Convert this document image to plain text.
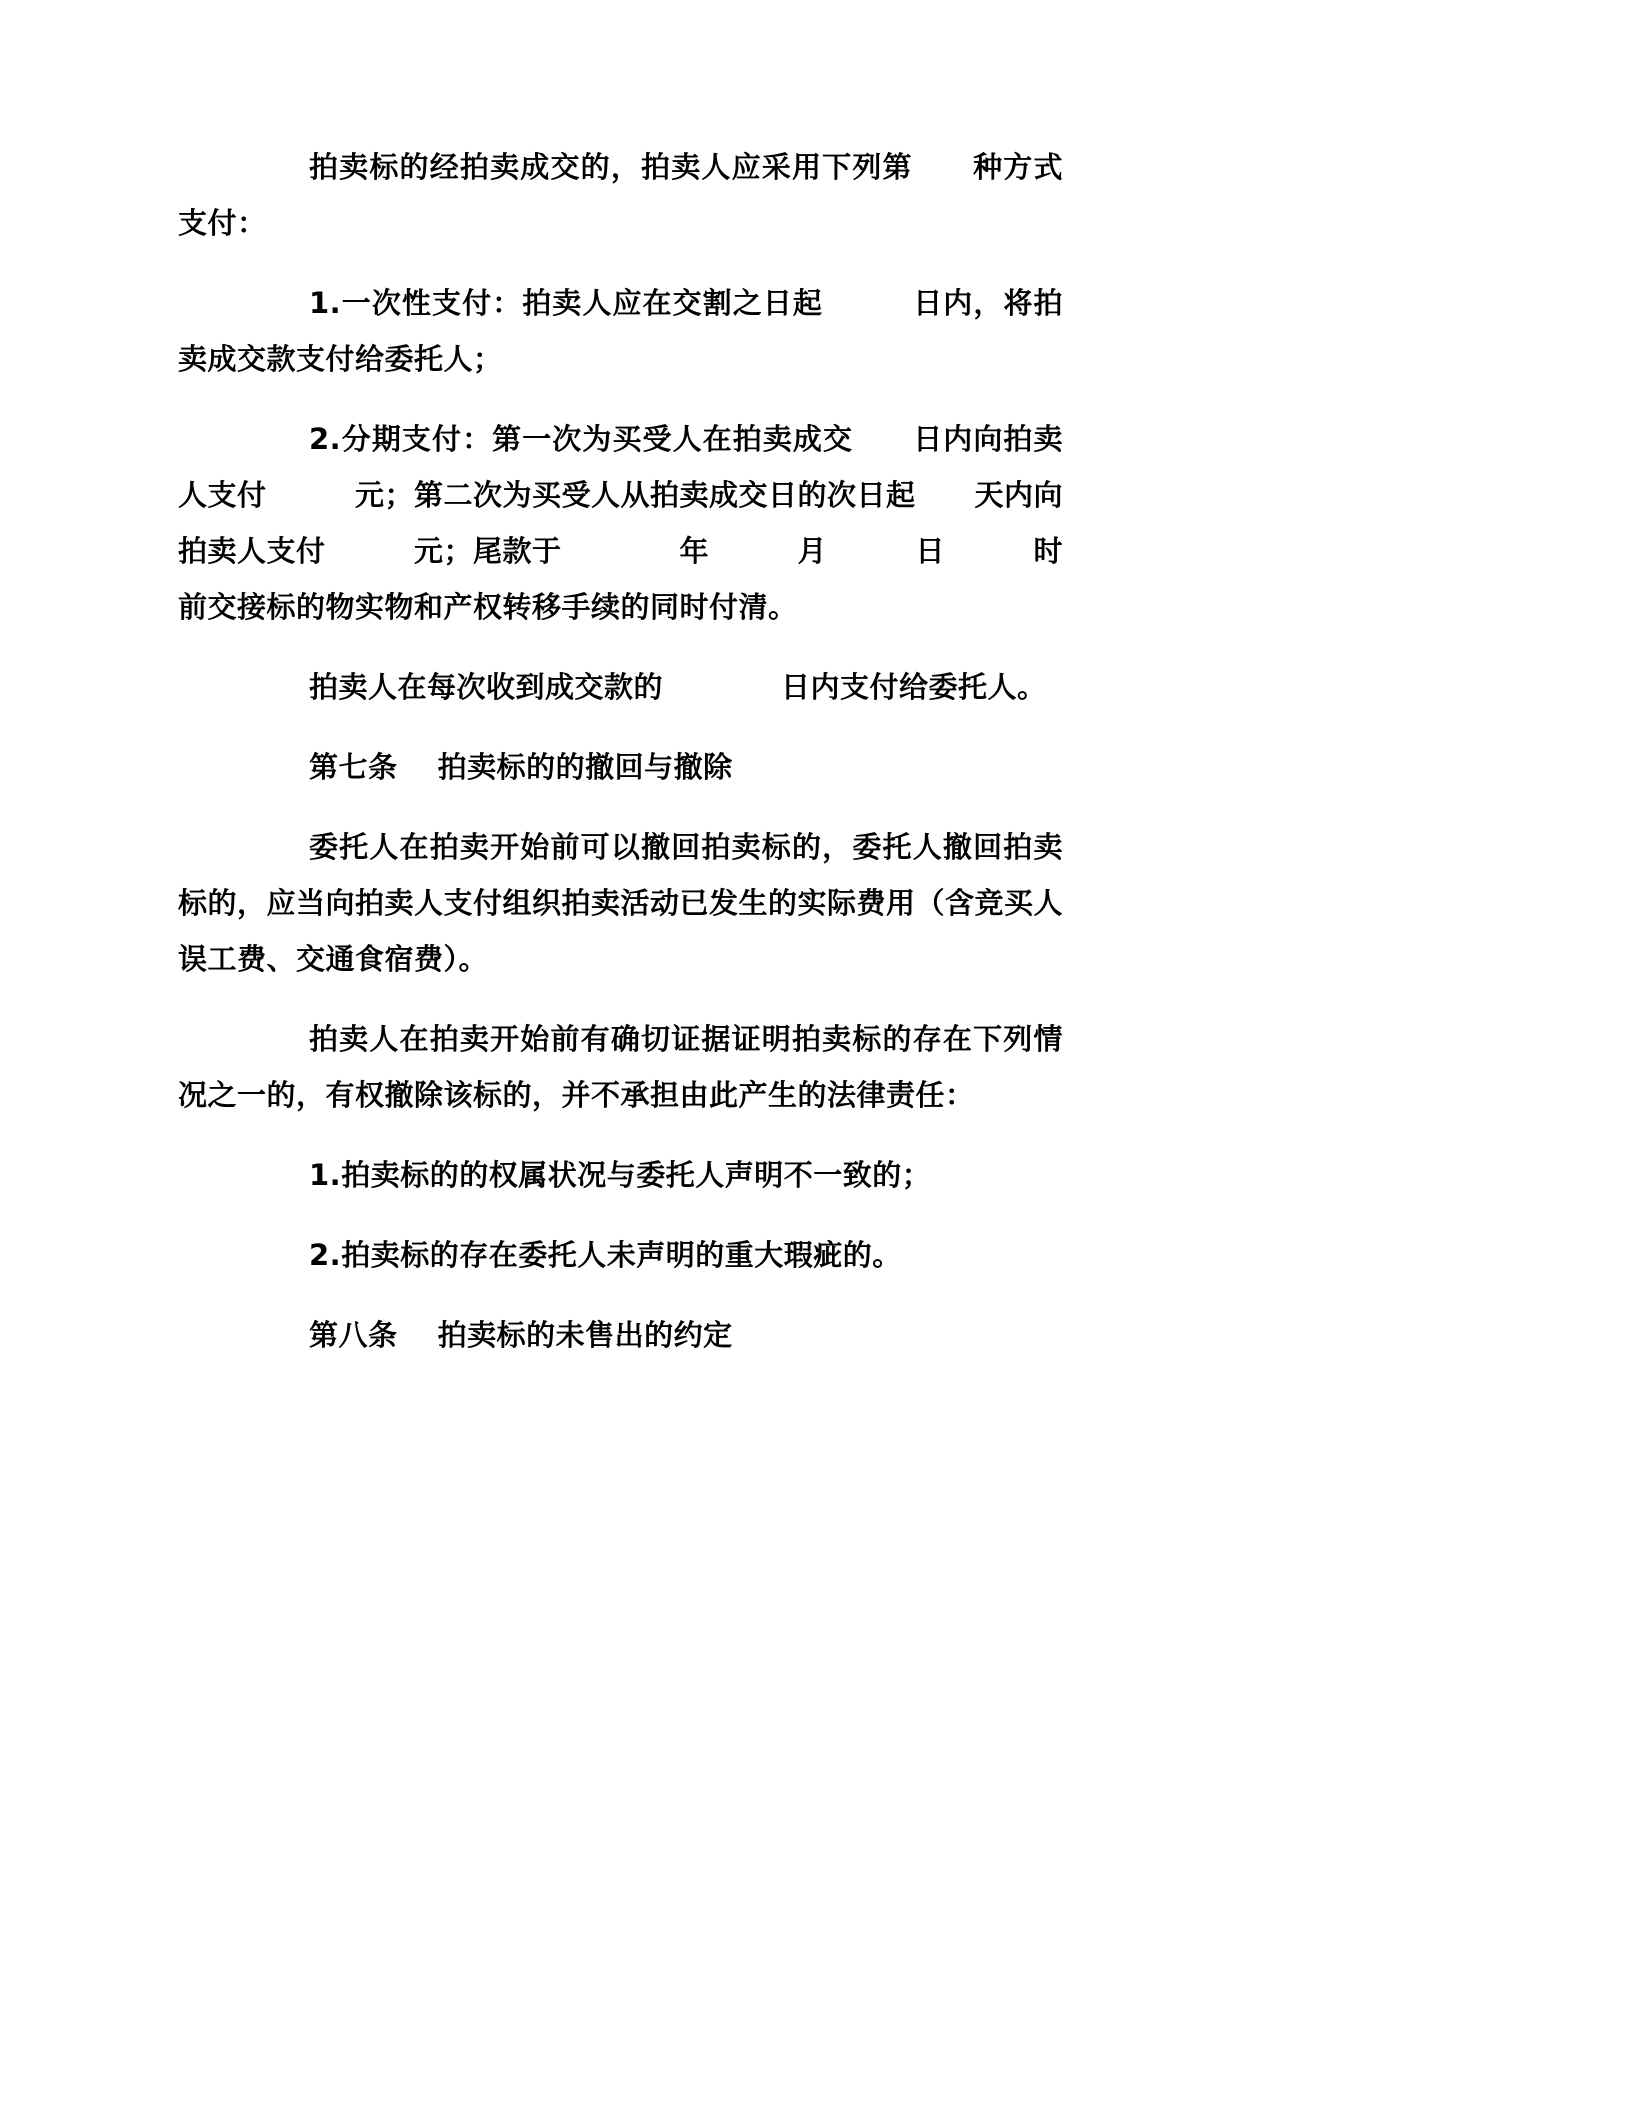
拍卖标的经拍卖成交的，拍卖人应采用下列第　　种方式支付：

1.一次性支付：拍卖人应在交割之日起　　　日内，将拍卖成交款支付给委托人；

2.分期支付：第一次为买受人在拍卖成交　　日内向拍卖人支付　　　元；第二次为买受人从拍卖成交日的次日起　　天内向拍卖人支付　　　元；尾款于　　　　年　　　月　　　日　　　时前交接标的物实物和产权转移手续的同时付清。

拍卖人在每次收到成交款的　　　　日内支付给委托人。

第七条　 拍卖标的的撤回与撤除

委托人在拍卖开始前可以撤回拍卖标的，委托人撤回拍卖标的，应当向拍卖人支付组织拍卖活动已发生的实际费用（含竞买人误工费、交通食宿费）。

拍卖人在拍卖开始前有确切证据证明拍卖标的存在下列情况之一的，有权撤除该标的，并不承担由此产生的法律责任：

1.拍卖标的的权属状况与委托人声明不一致的；

2.拍卖标的存在委托人未声明的重大瑕疵的。

第八条　 拍卖标的未售出的约定
